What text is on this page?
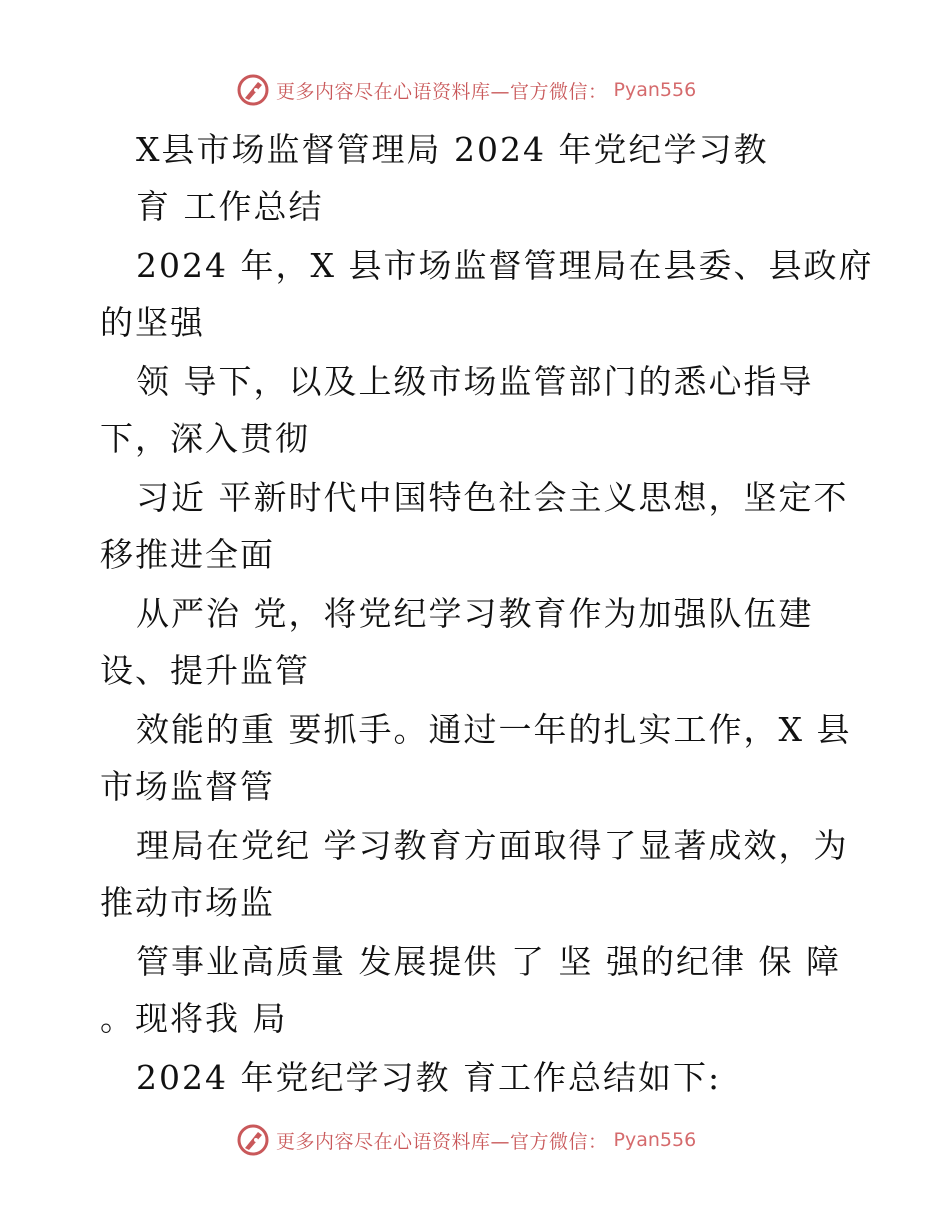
更多内容尽在心语资料库—官方微信： Pyan556
X县市场监督管理局 2024 年党纪学习教
育 工作总结
2024 年，X 县市场监督管理局在县委、县政府
的坚强
领 导下，以及上级市场监管部门的悉心指导
下，深入贯彻
习近 平新时代中国特色社会主义思想，坚定不
移推进全面
从严治 党，将党纪学习教育作为加强队伍建
设、提升监管
效能的重 要抓手。通过一年的扎实工作，X 县
市场监督管
理局在党纪 学习教育方面取得了显著成效，为
推动市场监
管事业高质量 发展提供 了 坚 强的纪律 保 障
。现将我 局
2024 年党纪学习教 育工作总结如下:
更多内容尽在心语资料库—官方微信： Pyan556
